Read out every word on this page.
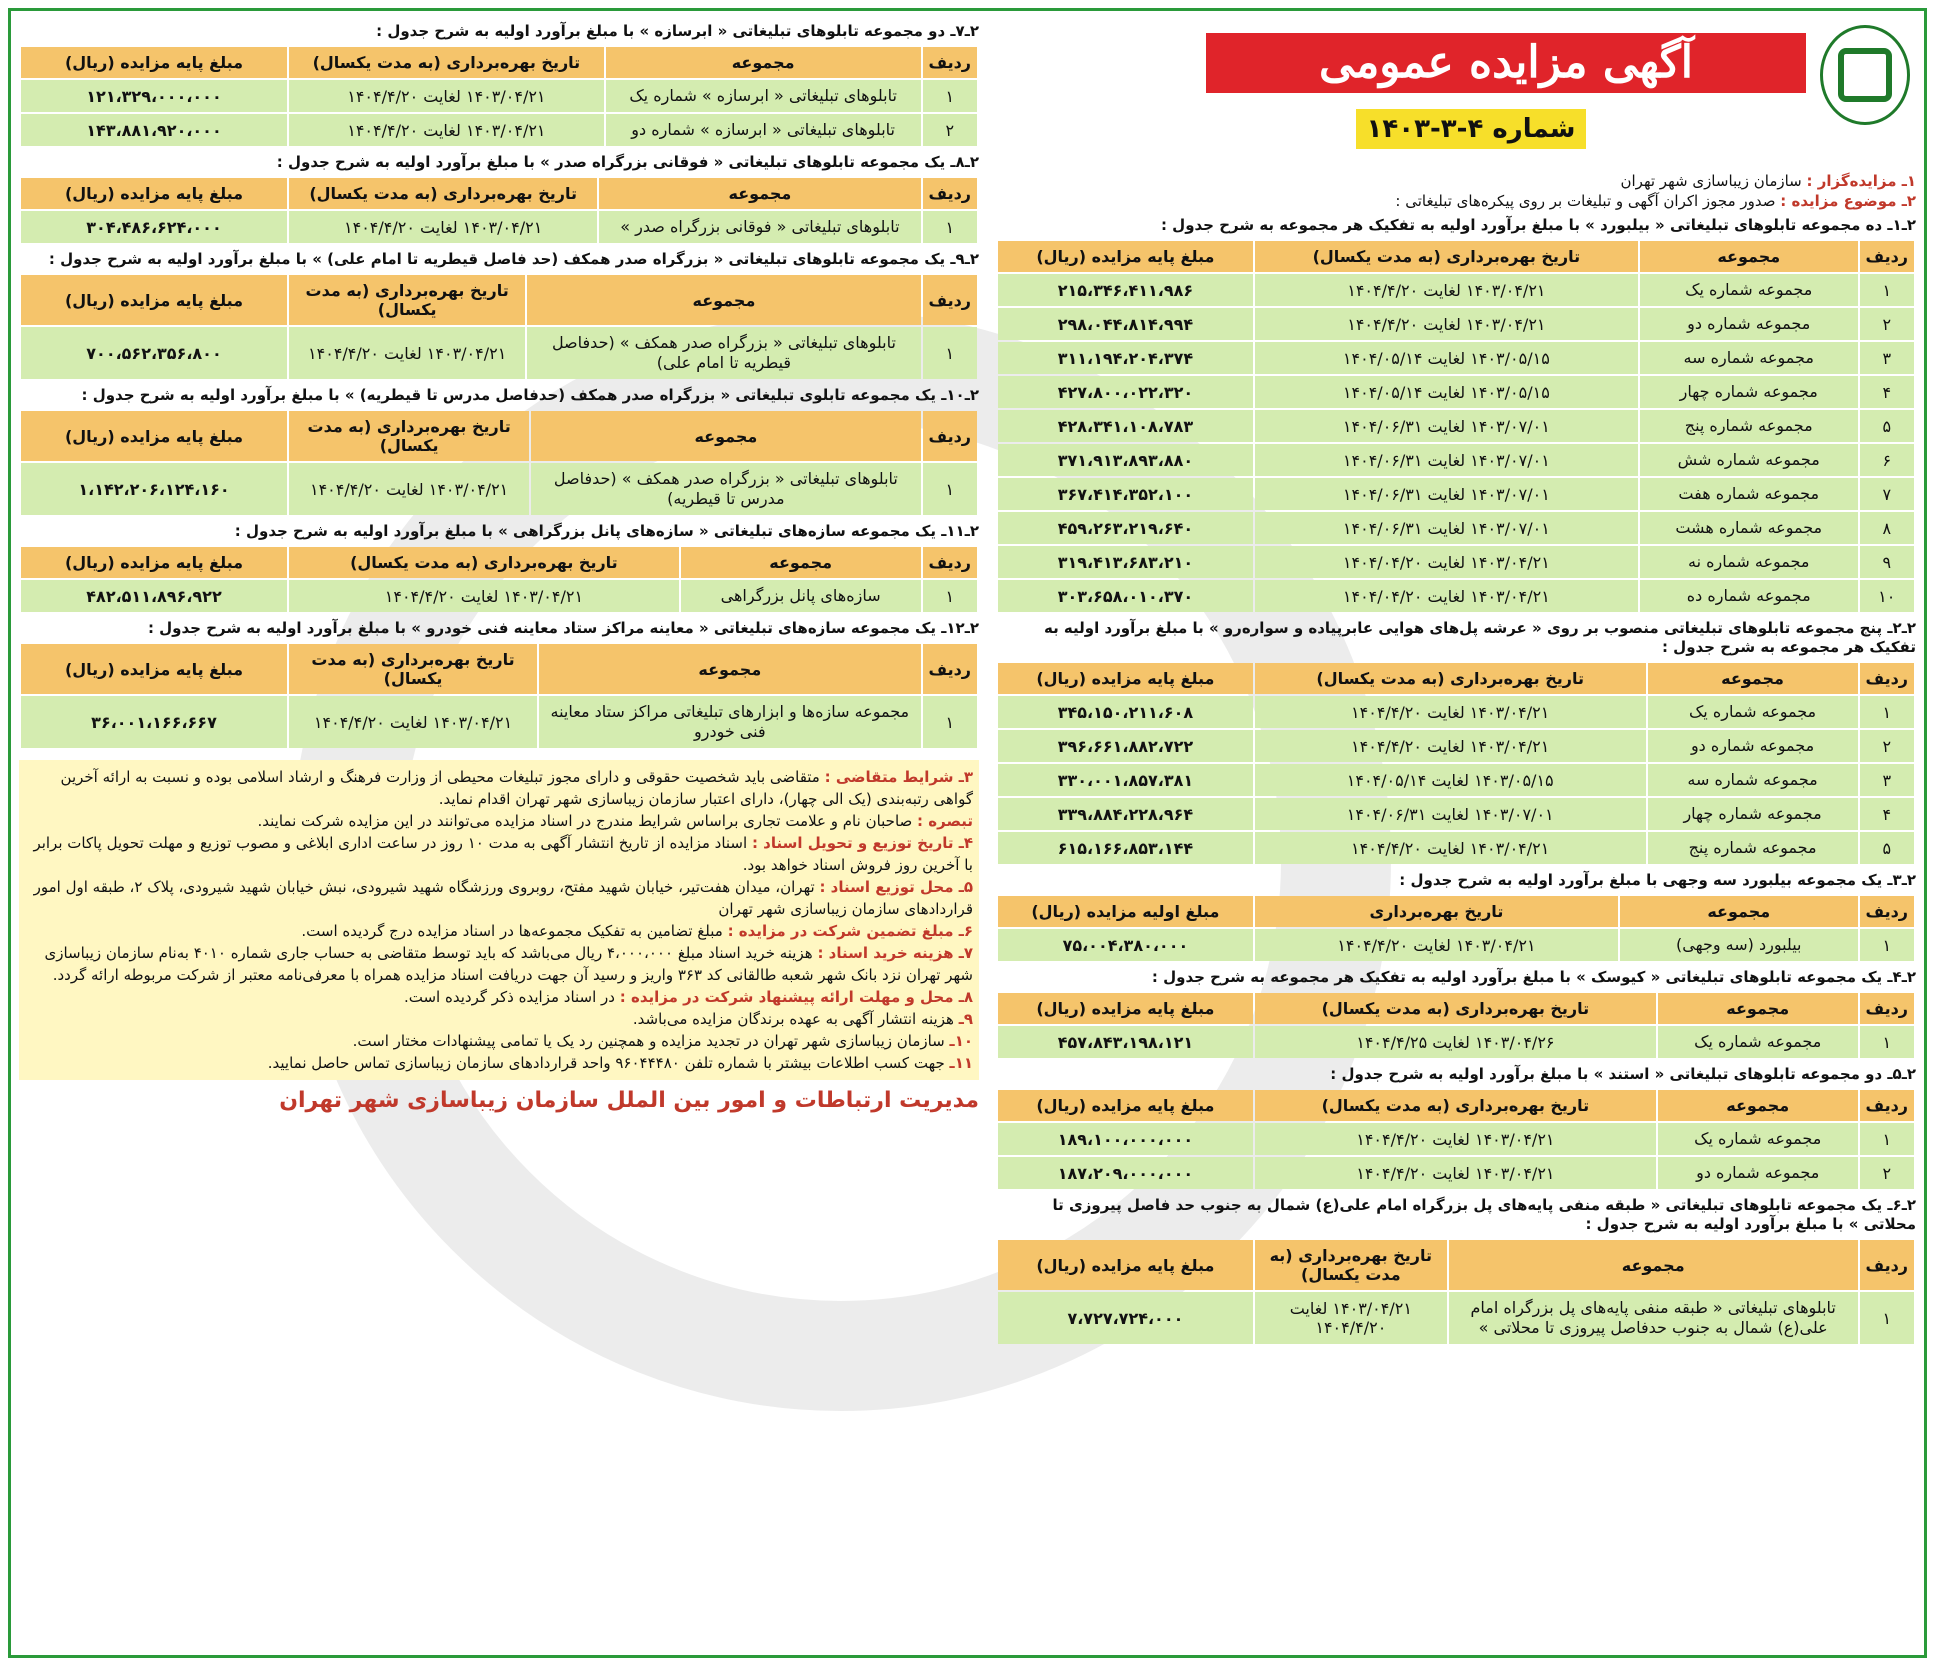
آگهی مزایده عمومی
شماره ۴-۳-۱۴۰۳
۱ـ مزایده‌گزار : سازمان زیباسازی شهر تهران
۲ـ موضوع مزایده : صدور مجوز اکران آگهی و تبلیغات بر روی پیکره‌های تبلیغاتی :
۲ـ۱ـ ده مجموعه تابلوهای تبلیغاتی « بیلبورد » با مبلغ برآورد اولیه به تفکیک هر مجموعه به شرح جدول :
ردیف	مجموعه	تاریخ بهره‌برداری (به مدت یکسال)	مبلغ پایه مزایده (ریال)
۱	مجموعه شماره یک	۱۴۰۳/۰۴/۲۱ لغایت ۱۴۰۴/۴/۲۰	۲۱۵،۳۴۶،۴۱۱،۹۸۶
۲	مجموعه شماره دو	۱۴۰۳/۰۴/۲۱ لغایت ۱۴۰۴/۴/۲۰	۲۹۸،۰۴۴،۸۱۴،۹۹۴
۳	مجموعه شماره سه	۱۴۰۳/۰۵/۱۵ لغایت ۱۴۰۴/۰۵/۱۴	۳۱۱،۱۹۴،۲۰۴،۳۷۴
۴	مجموعه شماره چهار	۱۴۰۳/۰۵/۱۵ لغایت ۱۴۰۴/۰۵/۱۴	۴۲۷،۸۰۰،۰۲۲،۳۲۰
۵	مجموعه شماره پنج	۱۴۰۳/۰۷/۰۱ لغایت ۱۴۰۴/۰۶/۳۱	۴۲۸،۳۴۱،۱۰۸،۷۸۳
۶	مجموعه شماره شش	۱۴۰۳/۰۷/۰۱ لغایت ۱۴۰۴/۰۶/۳۱	۳۷۱،۹۱۳،۸۹۳،۸۸۰
۷	مجموعه شماره هفت	۱۴۰۳/۰۷/۰۱ لغایت ۱۴۰۴/۰۶/۳۱	۳۶۷،۴۱۴،۳۵۲،۱۰۰
۸	مجموعه شماره هشت	۱۴۰۳/۰۷/۰۱ لغایت ۱۴۰۴/۰۶/۳۱	۴۵۹،۲۶۳،۲۱۹،۶۴۰
۹	مجموعه شماره نه	۱۴۰۳/۰۴/۲۱ لغایت ۱۴۰۴/۰۴/۲۰	۳۱۹،۴۱۳،۶۸۳،۲۱۰
۱۰	مجموعه شماره ده	۱۴۰۳/۰۴/۲۱ لغایت ۱۴۰۴/۰۴/۲۰	۳۰۳،۶۵۸،۰۱۰،۳۷۰
۲ـ۲ـ پنج مجموعه تابلوهای تبلیغاتی منصوب بر روی « عرشه پل‌های هوایی عابرپیاده و سواره‌رو » با مبلغ برآورد اولیه به تفکیک هر مجموعه به شرح جدول :
ردیف	مجموعه	تاریخ بهره‌برداری (به مدت یکسال)	مبلغ پایه مزایده (ریال)
۱	مجموعه شماره یک	۱۴۰۳/۰۴/۲۱ لغایت ۱۴۰۴/۴/۲۰	۳۴۵،۱۵۰،۲۱۱،۶۰۸
۲	مجموعه شماره دو	۱۴۰۳/۰۴/۲۱ لغایت ۱۴۰۴/۴/۲۰	۳۹۶،۶۶۱،۸۸۲،۷۲۲
۳	مجموعه شماره سه	۱۴۰۳/۰۵/۱۵ لغایت ۱۴۰۴/۰۵/۱۴	۳۳۰،۰۰۱،۸۵۷،۳۸۱
۴	مجموعه شماره چهار	۱۴۰۳/۰۷/۰۱ لغایت ۱۴۰۴/۰۶/۳۱	۳۳۹،۸۸۴،۲۲۸،۹۶۴
۵	مجموعه شماره پنج	۱۴۰۳/۰۴/۲۱ لغایت ۱۴۰۴/۴/۲۰	۶۱۵،۱۶۶،۸۵۳،۱۴۴
۲ـ۳ـ یک مجموعه بیلبورد سه وجهی با مبلغ برآورد اولیه به شرح جدول :
ردیف	مجموعه	تاریخ بهره‌برداری	مبلغ اولیه مزایده (ریال)
۱	بیلبورد (سه وجهی)	۱۴۰۳/۰۴/۲۱ لغایت ۱۴۰۴/۴/۲۰	۷۵،۰۰۴،۳۸۰،۰۰۰
۲ـ۴ـ یک مجموعه تابلوهای تبلیغاتی « کیوسک » با مبلغ برآورد اولیه به تفکیک هر مجموعه به شرح جدول :
ردیف	مجموعه	تاریخ بهره‌برداری (به مدت یکسال)	مبلغ پایه مزایده (ریال)
۱	مجموعه شماره یک	۱۴۰۳/۰۴/۲۶ لغایت ۱۴۰۴/۴/۲۵	۴۵۷،۸۴۳،۱۹۸،۱۲۱
۲ـ۵ـ دو مجموعه تابلوهای تبلیغاتی « استند » با مبلغ برآورد اولیه به شرح جدول :
ردیف	مجموعه	تاریخ بهره‌برداری (به مدت یکسال)	مبلغ پایه مزایده (ریال)
۱	مجموعه شماره یک	۱۴۰۳/۰۴/۲۱ لغایت ۱۴۰۴/۴/۲۰	۱۸۹،۱۰۰،۰۰۰،۰۰۰
۲	مجموعه شماره دو	۱۴۰۳/۰۴/۲۱ لغایت ۱۴۰۴/۴/۲۰	۱۸۷،۲۰۹،۰۰۰،۰۰۰
۲ـ۶ـ یک مجموعه تابلوهای تبلیغاتی « طبقه منفی پایه‌های پل بزرگراه امام علی(ع) شمال به جنوب حد فاصل پیروزی تا محلاتی » با مبلغ برآورد اولیه به شرح جدول :
ردیف	مجموعه	تاریخ بهره‌برداری (به مدت یکسال)	مبلغ پایه مزایده (ریال)
۱	تابلوهای تبلیغاتی « طبقه منفی پایه‌های پل بزرگراه امام علی(ع) شمال به جنوب حدفاصل پیروزی تا محلاتی »	۱۴۰۳/۰۴/۲۱ لغایت ۱۴۰۴/۴/۲۰	۷،۷۲۷،۷۲۴،۰۰۰
۲ـ۷ـ دو مجموعه تابلوهای تبلیغاتی « ابرسازه » با مبلغ برآورد اولیه به شرح جدول :
ردیف	مجموعه	تاریخ بهره‌برداری (به مدت یکسال)	مبلغ پایه مزایده (ریال)
۱	تابلوهای تبلیغاتی « ابرسازه » شماره یک	۱۴۰۳/۰۴/۲۱ لغایت ۱۴۰۴/۴/۲۰	۱۲۱،۳۲۹،۰۰۰،۰۰۰
۲	تابلوهای تبلیغاتی « ابرسازه » شماره دو	۱۴۰۳/۰۴/۲۱ لغایت ۱۴۰۴/۴/۲۰	۱۴۳،۸۸۱،۹۲۰،۰۰۰
۲ـ۸ـ یک مجموعه تابلوهای تبلیغاتی « فوقانی بزرگراه صدر » با مبلغ برآورد اولیه به شرح جدول :
ردیف	مجموعه	تاریخ بهره‌برداری (به مدت یکسال)	مبلغ پایه مزایده (ریال)
۱	تابلوهای تبلیغاتی « فوقانی بزرگراه صدر »	۱۴۰۳/۰۴/۲۱ لغایت ۱۴۰۴/۴/۲۰	۳۰۴،۴۸۶،۶۲۴،۰۰۰
۲ـ۹ـ یک مجموعه تابلوهای تبلیغاتی « بزرگراه صدر همکف (حد فاصل قیطریه تا امام علی) » با مبلغ برآورد اولیه به شرح جدول :
ردیف	مجموعه	تاریخ بهره‌برداری (به مدت یکسال)	مبلغ پایه مزایده (ریال)
۱	تابلوهای تبلیغاتی « بزرگراه صدر همکف » (حدفاصل قیطریه تا امام علی)	۱۴۰۳/۰۴/۲۱ لغایت ۱۴۰۴/۴/۲۰	۷۰۰،۵۶۲،۳۵۶،۸۰۰
۲ـ۱۰ـ یک مجموعه تابلوی تبلیغاتی « بزرگراه صدر همکف (حدفاصل مدرس تا قیطریه) » با مبلغ برآورد اولیه به شرح جدول :
ردیف	مجموعه	تاریخ بهره‌برداری (به مدت یکسال)	مبلغ پایه مزایده (ریال)
۱	تابلوهای تبلیغاتی « بزرگراه صدر همکف » (حدفاصل مدرس تا قیطریه)	۱۴۰۳/۰۴/۲۱ لغایت ۱۴۰۴/۴/۲۰	۱،۱۴۲،۲۰۶،۱۲۴،۱۶۰
۲ـ۱۱ـ یک مجموعه سازه‌های تبلیغاتی « سازه‌های پانل بزرگراهی » با مبلغ برآورد اولیه به شرح جدول :
ردیف	مجموعه	تاریخ بهره‌برداری (به مدت یکسال)	مبلغ پایه مزایده (ریال)
۱	سازه‌های پانل بزرگراهی	۱۴۰۳/۰۴/۲۱ لغایت ۱۴۰۴/۴/۲۰	۴۸۲،۵۱۱،۸۹۶،۹۲۲
۲ـ۱۲ـ یک مجموعه سازه‌های تبلیغاتی « معاینه مراکز ستاد معاینه فنی خودرو » با مبلغ برآورد اولیه به شرح جدول :
ردیف	مجموعه	تاریخ بهره‌برداری (به مدت یکسال)	مبلغ پایه مزایده (ریال)
۱	مجموعه سازه‌ها و ابزارهای تبلیغاتی مراکز ستاد معاینه فنی خودرو	۱۴۰۳/۰۴/۲۱ لغایت ۱۴۰۴/۴/۲۰	۳۶،۰۰۱،۱۶۶،۶۶۷
۳ـ شرایط متقاضی : متقاضی باید شخصیت حقوقی و دارای مجوز تبلیغات محیطی از وزارت فرهنگ و ارشاد اسلامی بوده و نسبت به ارائه آخرین گواهی رتبه‌بندی (یک الی چهار)، دارای اعتبار سازمان زیباسازی شهر تهران اقدام نماید.
تبصره : صاحبان نام و علامت تجاری براساس شرایط مندرج در اسناد مزایده می‌توانند در این مزایده شرکت نمایند.
۴ـ تاریخ توزیع و تحویل اسناد : اسناد مزایده از تاریخ انتشار آگهی به مدت ۱۰ روز در ساعت اداری ابلاغی و مصوب توزیع و مهلت تحویل پاکات برابر با آخرین روز فروش اسناد خواهد بود.
۵ـ محل توزیع اسناد : تهران، میدان هفت‌تیر، خیابان شهید مفتح، روبروی ورزشگاه شهید شیرودی، نبش خیابان شهید شیرودی، پلاک ۲، طبقه اول امور قراردادهای سازمان زیباسازی شهر تهران
۶ـ مبلغ تضمین شرکت در مزایده : مبلغ تضامین به تفکیک مجموعه‌ها در اسناد مزایده درج گردیده است.
۷ـ هزینه خرید اسناد : هزینه خرید اسناد مبلغ ۴،۰۰۰،۰۰۰ ریال می‌باشد که باید توسط متقاضی به حساب جاری شماره ۴۰۱۰ به‌نام سازمان زیباسازی شهر تهران نزد بانک شهر شعبه طالقانی کد ۳۶۳ واریز و رسید آن جهت دریافت اسناد مزایده همراه با معرفی‌نامه معتبر از شرکت مربوطه ارائه گردد.
۸ـ محل و مهلت ارائه پیشنهاد شرکت در مزایده : در اسناد مزایده ذکر گردیده است.
۹ـ هزینه انتشار آگهی به عهده برندگان مزایده می‌باشد.
۱۰ـ سازمان زیباسازی شهر تهران در تجدید مزایده و همچنین رد یک یا تمامی پیشنهادات مختار است.
۱۱ـ جهت کسب اطلاعات بیشتر با شماره تلفن ۹۶۰۴۴۴۸۰ واحد قراردادهای سازمان زیباسازی تماس حاصل نمایید.
مدیریت ارتباطات و امور بین الملل سازمان زیباسازی شهر تهران
